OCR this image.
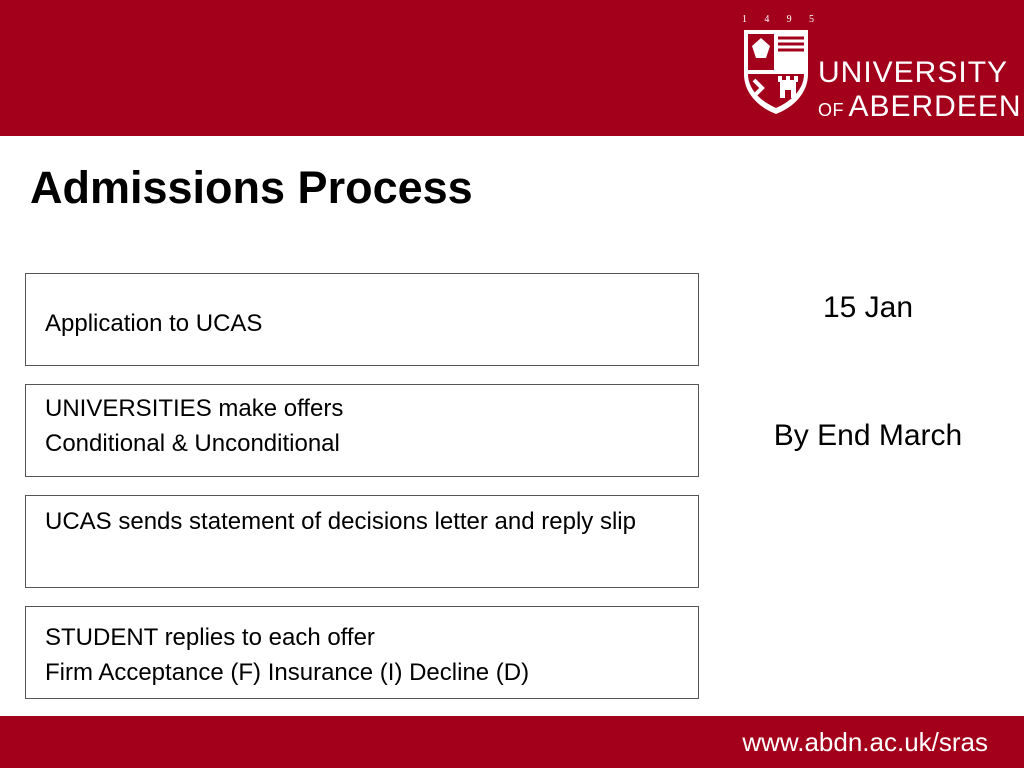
1 4 9 5
UNIVERSITY
OF ABERDEEN
Admissions Process

Application to UCAS

UNIVERSITIES make offers
Conditional & Unconditional

UCAS sends statement of decisions letter and reply slip

STUDENT replies to each offer
Firm Acceptance (F) Insurance (I) Decline (D)

15 Jan
By End March
www.abdn.ac.uk/sras
